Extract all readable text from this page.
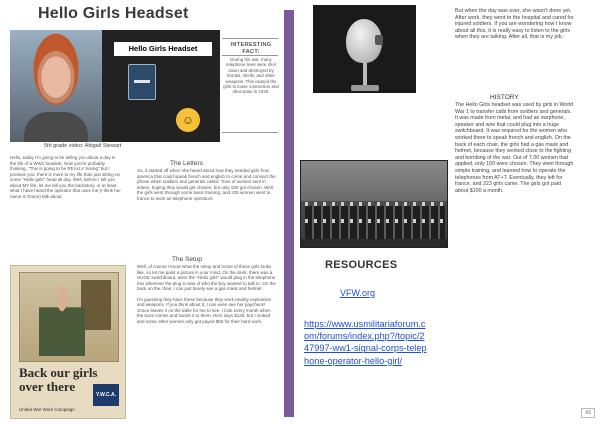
Hello Girls Headset
Hello Girls Headset
☺
5th grade video: Abigail Stewart
INTERESTING FACT:
During the war, many telephone lines were shot down and destroyed by bombs, shells, and other weapons. This caused the girls to loose connection and shut down in 1920.
Hello, today I'm going to be telling you about a day in the life of a WW1 headset. Now you're probably thinking, "This is going to be REALLY boring" but I promise you, there is more to my life than just sitting on some "Hello girls" head all day. Well, before I tell you about MY life, let me tell you the backstory, or at least what I have heard the operator that uses me (I think her name is Grace) talk about.
The Letters
So, it started off when she heard about how they needed girls from america that could speak french and english to come and connect the phone when soldiers and generals called. Tons of women sent in letters, hoping they would get chosen, but only 150 got chosen. Well, the girls went through some basic training, and 225 women went to france to work as telephone operators.
The Setup

Well, of course I know what the setup and home of these girls looks like, so let me paint a picture in your mind. On the desk, there was a HUGE switchboard, were the "Hello girls" would plug in the telephone into wherever the plug in was of who the boy wanted to talk to. On the back on the chair, I can just barely see a gas mask and helmet.

I'm guessing they have these because they work nearby explosives and weapons. If you think about it, I can even see her paycheck! Grace leaves it on the table for me to see. I look every month when the boss comes and hands it to them. Hers says $125, but I looked and some other women only get payed $50 for their hard work.

Back our girls over there
Y.W.C.A.
United War Work Campaign
But when the day was over, she wasn't done yet. After work, they went to the hospital and cared for injured soldiers. If you are wondering how I know about all this, it is really easy to listen to the girls when they are talking. After all, that is my job.
HISTORY
The Hello Girls headset was used by girls in World War 1 to transfer calls from soldiers and generals. It was made from metal, and had an earphone, speaker and wire that could plug into a huge switchboard. It was required for the women who worked there to speak french and english. On the back of each chair, the girls had a gas mask and helmet, because they worked close to the fighting and bombing of the war. Out of 7,00 women that applied, only 150 were chosen. They went through simple training, and learned how to operate the telephones from AT+T. Eventually, they left for france, and 223 girls came. The girls got paid about $100 a month.
RESOURCES
VFW.org
https://www.usmilitariaforum.com/forums/index.php?/topic/247997-ww1-signal-corps-telephone-operator-hello-girl/
43
